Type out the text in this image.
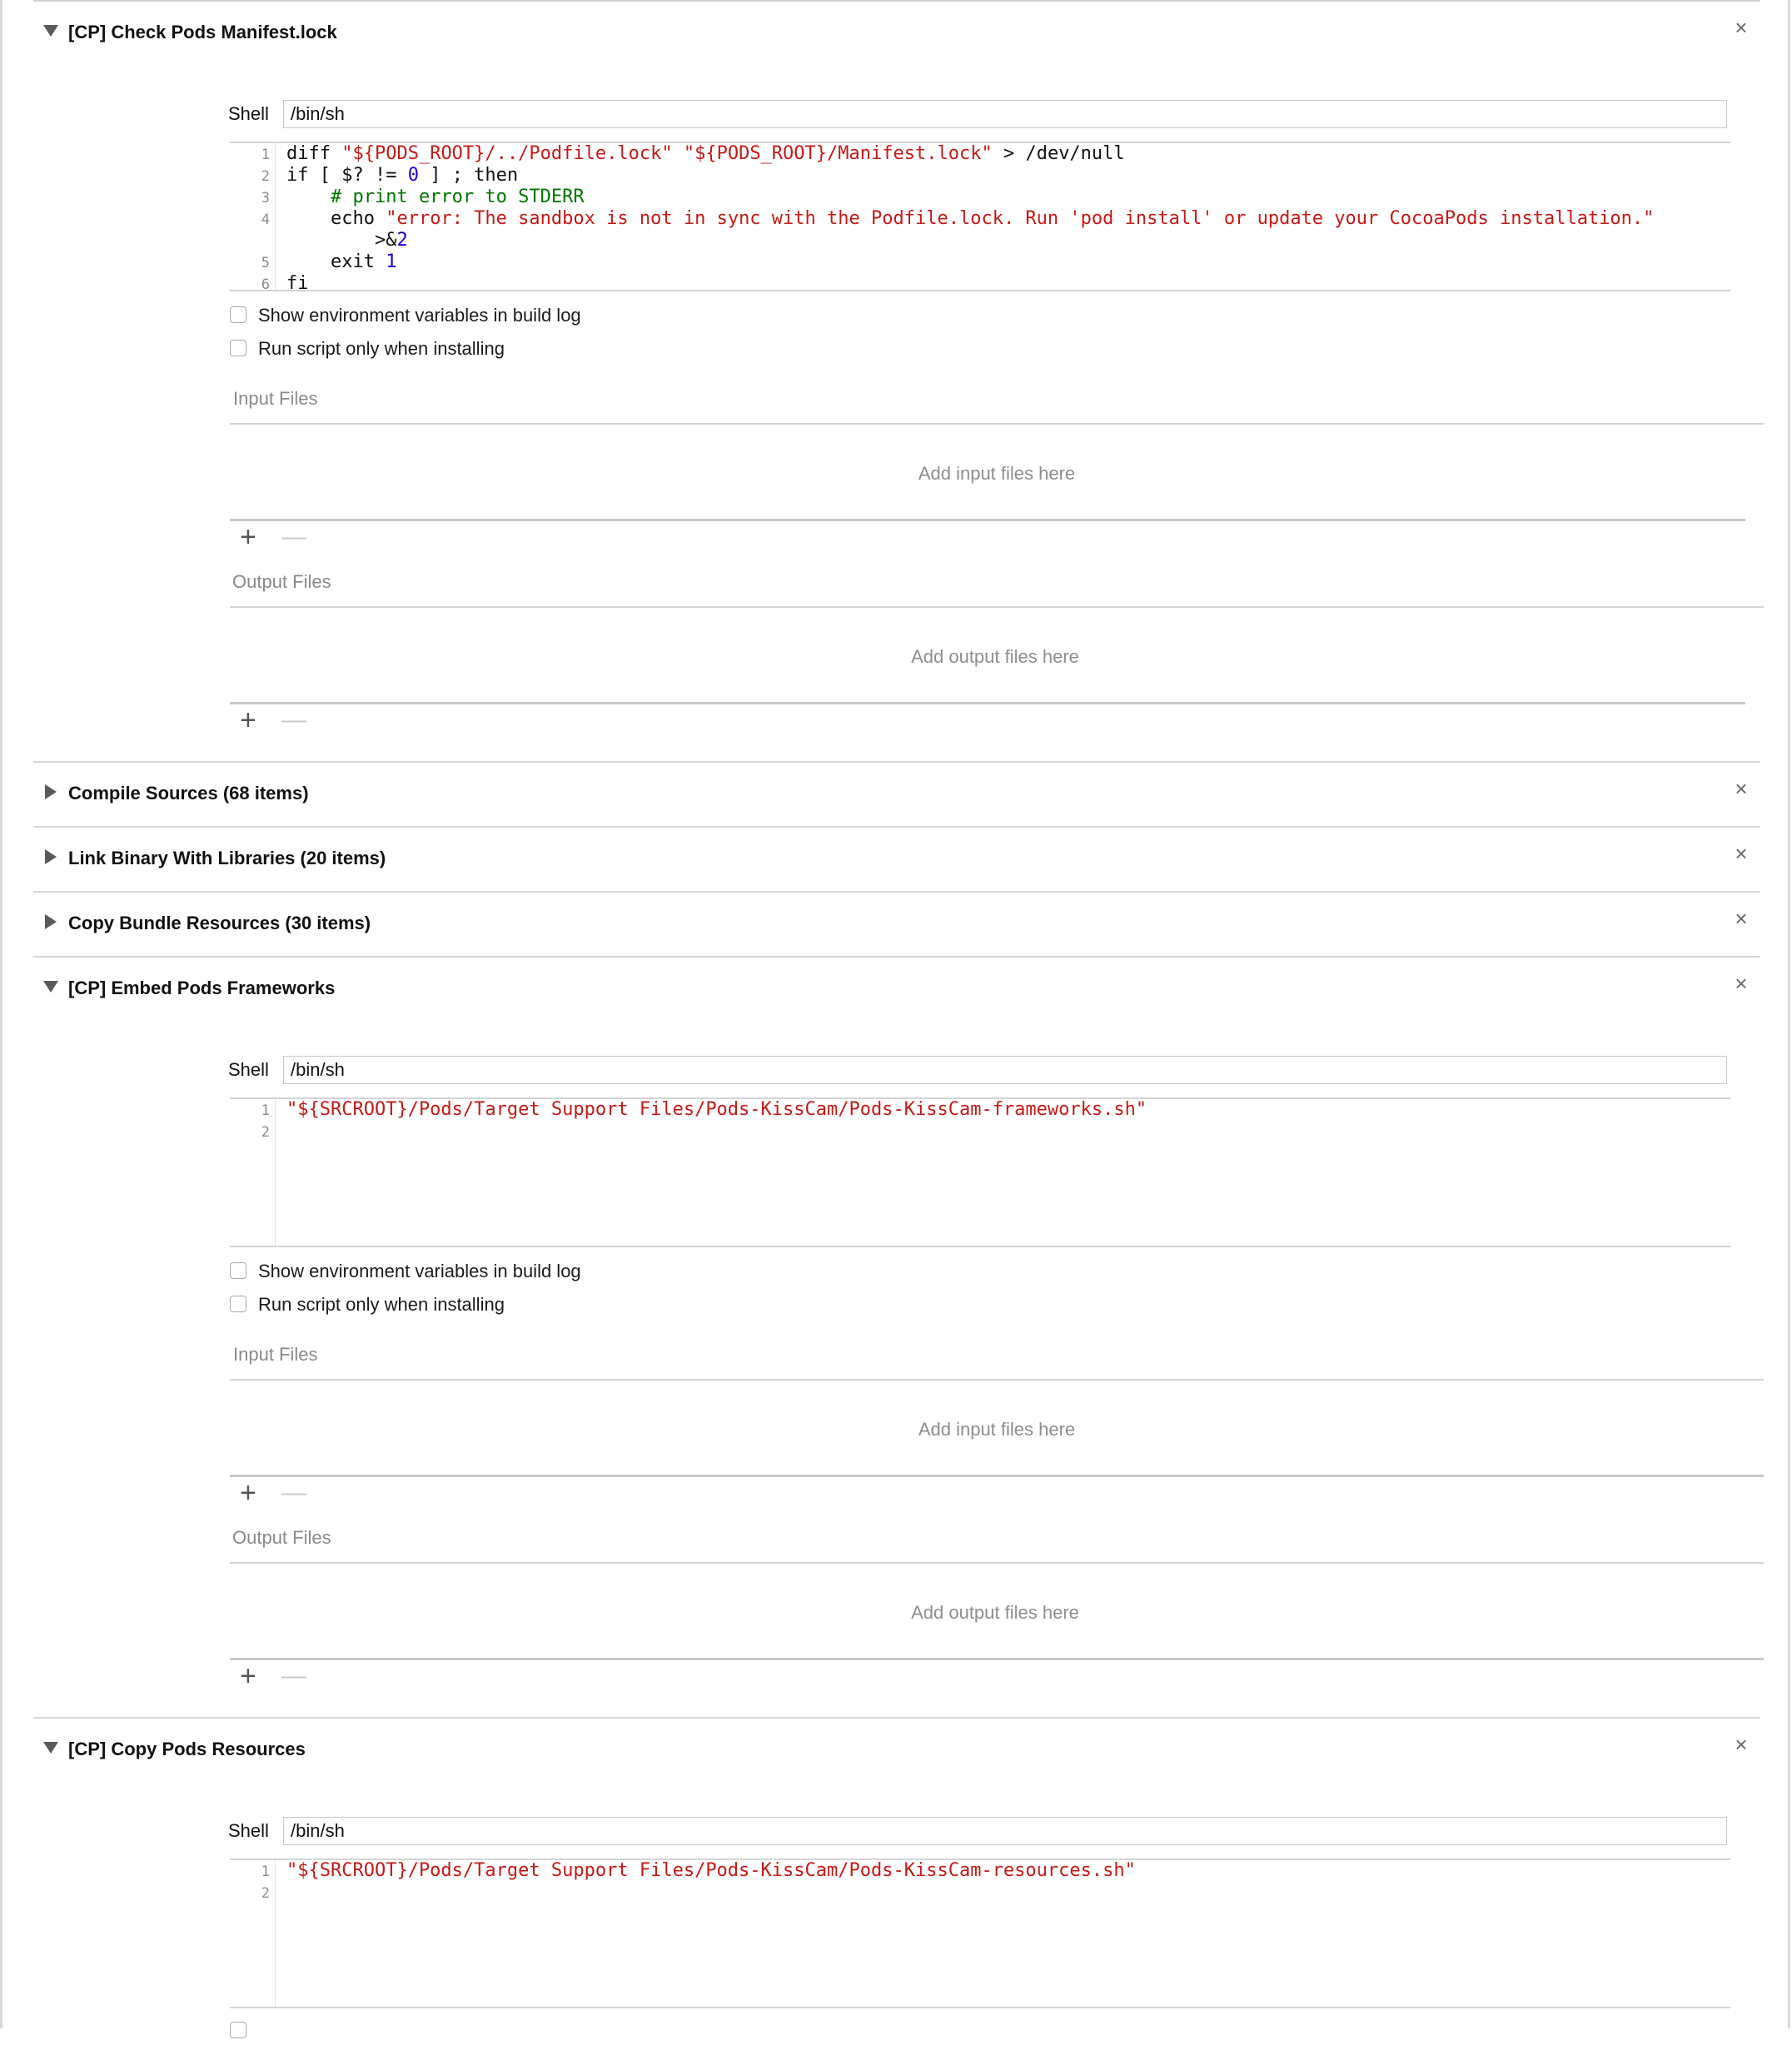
[CP] Check Pods Manifest.lock	×
Shell	/bin/sh
1
2
3
4
5
6
diff "${PODS_ROOT}/../Podfile.lock" "${PODS_ROOT}/Manifest.lock" > /dev/null
if [ $? != 0 ] ; then
# print error to STDERR
echo "error: The sandbox is not in sync with the Podfile.lock. Run 'pod install' or update your CocoaPods installation."
>&2
exit 1
fi
Show environment variables in build log
Run script only when installing
Input Files
Add input files here
+ —
Output Files
Add output files here
+ —
Compile Sources (68 items)	×
Link Binary With Libraries (20 items)	×
Copy Bundle Resources (30 items)	×
[CP] Embed Pods Frameworks	×
Shell	/bin/sh
1
2
"${SRCROOT}/Pods/Target Support Files/Pods-KissCam/Pods-KissCam-frameworks.sh"
Show environment variables in build log
Run script only when installing
Input Files
Add input files here
+ —
Output Files
Add output files here
+ —
[CP] Copy Pods Resources	×
Shell	/bin/sh
1
2
"${SRCROOT}/Pods/Target Support Files/Pods-KissCam/Pods-KissCam-resources.sh"
